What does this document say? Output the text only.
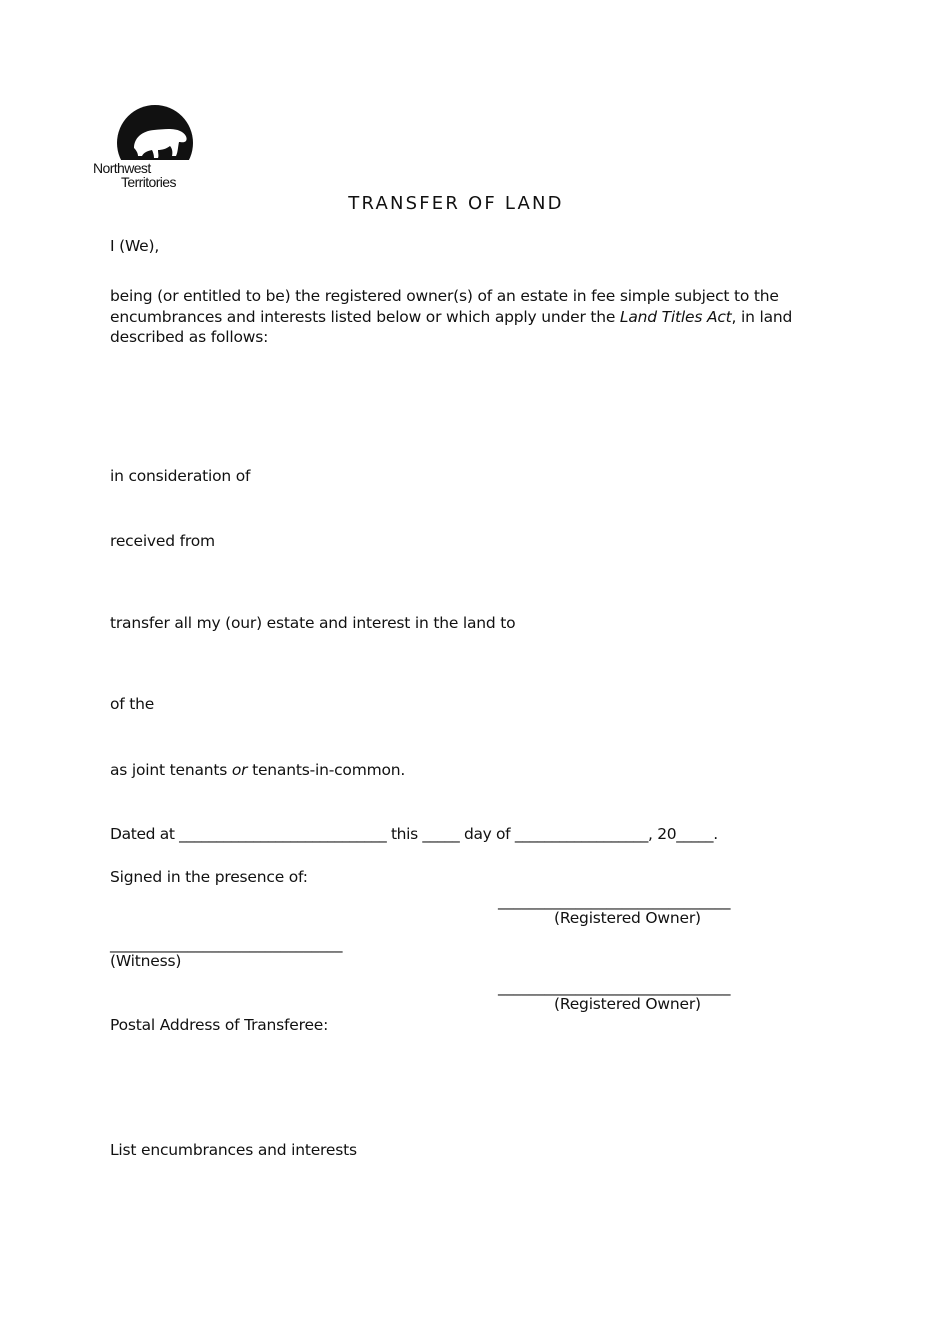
Northwest
Territories
TRANSFER OF LAND
I (We),
being (or entitled to be) the registered owner(s) of an estate in fee simple subject to the encumbrances and interests listed below or which apply under the Land Titles Act, in land
described as follows:
in consideration of
received from
transfer all my (our) estate and interest in the land to
of the
as joint tenants or tenants-in-common.
Dated at ____________________________ this _____ day of __________________, 20_____.
Signed in the presence of:
______________________________
(Registered Owner)
______________________________
(Witness)
______________________________
(Registered Owner)
Postal Address of Transferee:
List encumbrances and interests
